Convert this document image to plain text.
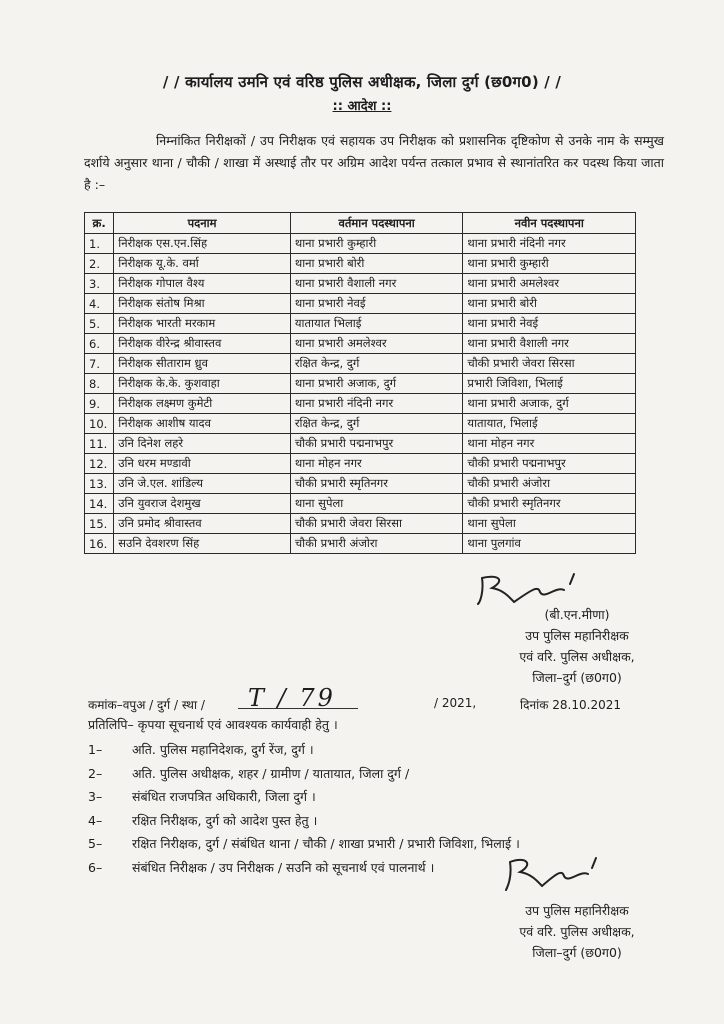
/ / कार्यालय उमनि एवं वरिष्ठ पुलिस अधीक्षक, जिला दुर्ग (छ0ग0) / /
:: आदेश ::
निम्नांकित निरीक्षकों / उप निरीक्षक एवं सहायक उप निरीक्षक को प्रशासनिक दृष्टिकोण से उनके नाम के सम्मुख दर्शाये अनुसार थाना / चौकी / शाखा में अस्थाई तौर पर अग्रिम आदेश पर्यन्त तत्काल प्रभाव से स्थानांतरित कर पदस्थ किया जाता है :–
क्र.	पदनाम	वर्तमान पदस्थापना	नवीन पदस्थापना
1.	निरीक्षक एस.एन.सिंह	थाना प्रभारी कुम्हारी	थाना प्रभारी नंदिनी नगर
2.	निरीक्षक यू.के. वर्मा	थाना प्रभारी बोरी	थाना प्रभारी कुम्हारी
3.	निरीक्षक गोपाल वैश्य	थाना प्रभारी वैशाली नगर	थाना प्रभारी अमलेश्वर
4.	निरीक्षक संतोष मिश्रा	थाना प्रभारी नेवई	थाना प्रभारी बोरी
5.	निरीक्षक भारती मरकाम	यातायात भिलाई	थाना प्रभारी नेवई
6.	निरीक्षक वीरेन्द्र श्रीवास्तव	थाना प्रभारी अमलेश्वर	थाना प्रभारी वैशाली नगर
7.	निरीक्षक सीताराम ध्रुव	रक्षित केन्द्र, दुर्ग	चौकी प्रभारी जेवरा सिरसा
8.	निरीक्षक के.के. कुशवाहा	थाना प्रभारी अजाक, दुर्ग	प्रभारी जिविशा, भिलाई
9.	निरीक्षक लक्ष्मण कुमेटी	थाना प्रभारी नंदिनी नगर	थाना प्रभारी अजाक, दुर्ग
10.	निरीक्षक आशीष यादव	रक्षित केन्द्र, दुर्ग	यातायात, भिलाई
11.	उनि दिनेश लहरे	चौकी प्रभारी पद्मनाभपुर	थाना मोहन नगर
12.	उनि धरम मण्डावी	थाना मोहन नगर	चौकी प्रभारी पद्मनाभपुर
13.	उनि जे.एल. शांडिल्य	चौकी प्रभारी स्मृतिनगर	चौकी प्रभारी अंजोरा
14.	उनि युवराज देशमुख	थाना सुपेला	चौकी प्रभारी स्मृतिनगर
15.	उनि प्रमोद श्रीवास्तव	चौकी प्रभारी जेवरा सिरसा	थाना सुपेला
16.	सउनि देवशरण सिंह	चौकी प्रभारी अंजोरा	थाना पुलगांव
(बी.एन.मीणा)
उप पुलिस महानिरीक्षक
एवं वरि. पुलिस अधीक्षक,
जिला–दुर्ग (छ0ग0)
कमांक–वपुअ / दुर्ग / स्था / T / 79	/ 2021,	दिनांक 28.10.2021
प्रतिलिपि– कृपया सूचनार्थ एवं आवश्यक कार्यवाही हेतु ।
1–	अति. पुलिस महानिदेशक, दुर्ग रेंज, दुर्ग ।
2–	अति. पुलिस अधीक्षक, शहर / ग्रामीण / यातायात, जिला दुर्ग /
3–	संबंधित राजपत्रित अधिकारी, जिला दुर्ग ।
4–	रक्षित निरीक्षक, दुर्ग को आदेश पुस्त हेतु ।
5–	रक्षित निरीक्षक, दुर्ग / संबंधित थाना / चौकी / शाखा प्रभारी / प्रभारी जिविशा, भिलाई ।
6–	संबंधित निरीक्षक / उप निरीक्षक / सउनि को सूचनार्थ एवं पालनार्थ ।
उप पुलिस महानिरीक्षक
एवं वरि. पुलिस अधीक्षक,
जिला–दुर्ग (छ0ग0)
